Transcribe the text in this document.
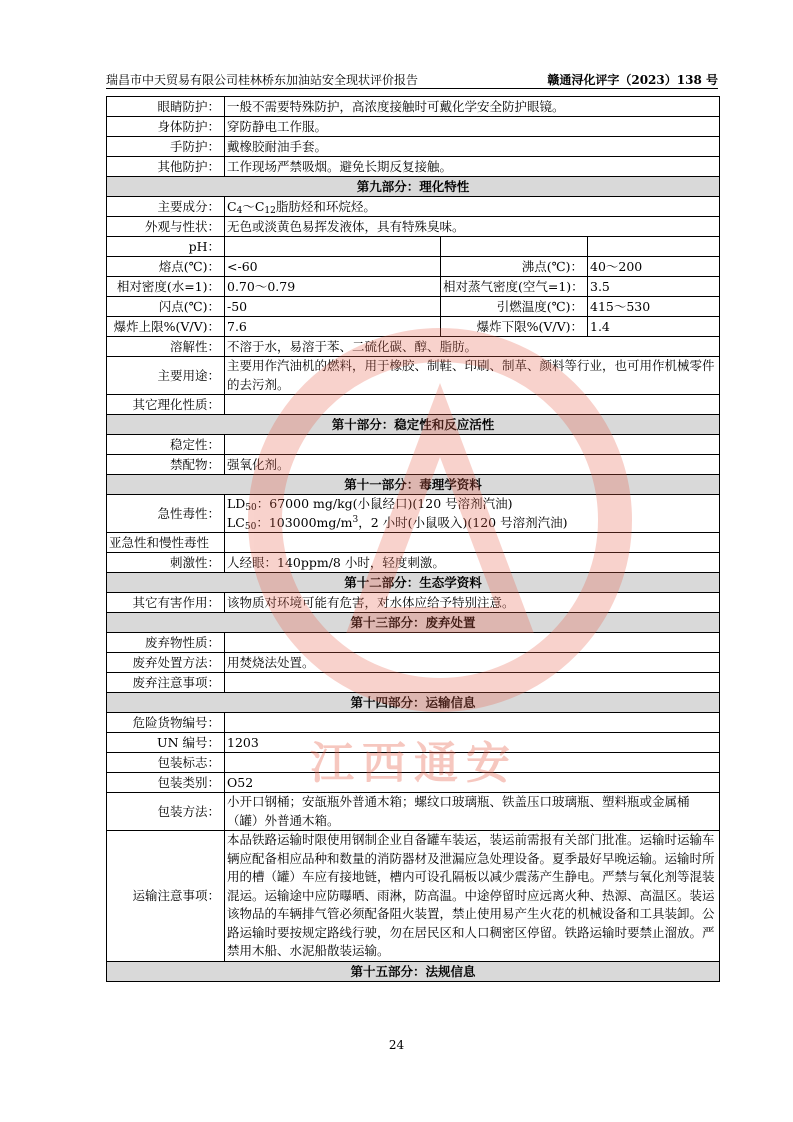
瑞昌市中天贸易有限公司桂林桥东加油站安全现状评价报告	赣通浔化评字（2023）138 号
眼睛防护：	一般不需要特殊防护，高浓度接触时可戴化学安全防护眼镜。		
身体防护：	穿防静电工作服。		
手防护：	戴橡胶耐油手套。		
其他防护：	工作现场严禁吸烟。避免长期反复接触。		
第九部分：理化特性			
主要成分：	$C_4\sim C_{12}$脂肪烃和环烷烃。		
外观与性状：	无色或淡黄色易挥发液体，具有特殊臭味。		
pH：			
熔点(℃)：	<-60	沸点(℃)：	40～200
相对密度(水=1)：	0.70～0.79	相对蒸气密度(空气=1)：	3.5
闪点(℃)：	-50	引燃温度(℃)：	415～530
爆炸上限%(V/V)：	7.6	爆炸下限%(V/V)：	1.4
溶解性：	不溶于水，易溶于苯、二硫化碳、醇、脂肪。		
主要用途：	主要用作汽油机的燃料，用于橡胶、制鞋、印刷、制革、颜料等行业，也可用作机械零件的去污剂。		
其它理化性质：			
第十部分：稳定性和反应活性			
稳定性：			
禁配物：	强氧化剂。		
第十一部分：毒理学资料			
急性毒性：	$LD_{50}$：67000 mg/kg(小鼠经口)(120 号溶剂汽油)
$LC_{50}$：$103000mg/m^3$，2 小时(小鼠吸入)(120 号溶剂汽油)		

亚急性和慢性毒性			
刺激性：	人经眼：140ppm/8 小时，轻度刺激。		
第十二部分：生态学资料			
其它有害作用：	该物质对环境可能有危害，对水体应给予特别注意。		
第十三部分：废弃处置			
废弃物性质：			
废弃处置方法：	用焚烧法处置。		
废弃注意事项：			
第十四部分：运输信息			
危险货物编号：			
UN 编号：	1203		
包装标志：			
包装类别：	O52		
包装方法：	小开口钢桶；安瓿瓶外普通木箱；螺纹口玻璃瓶、铁盖压口玻璃瓶、塑料瓶或金属桶（罐）外普通木箱。		
运输注意事项：	本品铁路运输时限使用钢制企业自备罐车装运，装运前需报有关部门批准。运输时运输车辆应配备相应品种和数量的消防器材及泄漏应急处理设备。夏季最好早晚运输。运输时所用的槽（罐）车应有接地链，槽内可设孔隔板以减少震荡产生静电。严禁与氧化剂等混装混运。运输途中应防曝晒、雨淋，防高温。中途停留时应远离火种、热源、高温区。装运该物品的车辆排气管必须配备阻火装置，禁止使用易产生火花的机械设备和工具装卸。公路运输时要按规定路线行驶，勿在居民区和人口稠密区停留。铁路运输时要禁止溜放。严禁用木船、水泥船散装运输。		
第十五部分：法规信息			
江西通安
24
